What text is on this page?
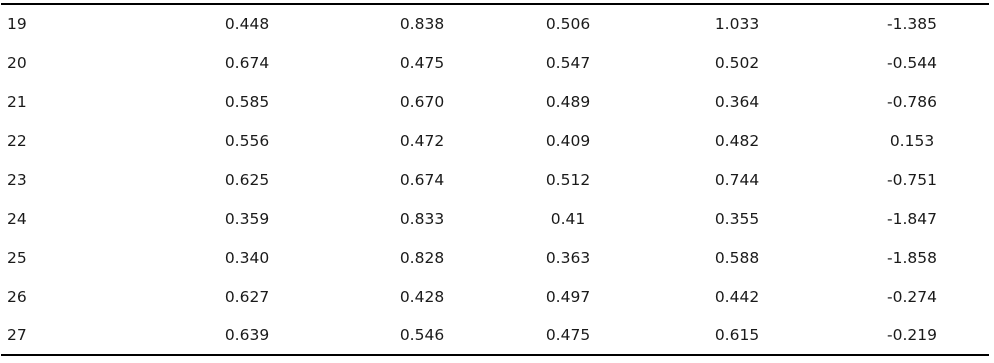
19	0.448	0.838	0.506	1.033	-1.385
20	0.674	0.475	0.547	0.502	-0.544
21	0.585	0.670	0.489	0.364	-0.786
22	0.556	0.472	0.409	0.482	0.153
23	0.625	0.674	0.512	0.744	-0.751
24	0.359	0.833	0.41	0.355	-1.847
25	0.340	0.828	0.363	0.588	-1.858
26	0.627	0.428	0.497	0.442	-0.274
27	0.639	0.546	0.475	0.615	-0.219
